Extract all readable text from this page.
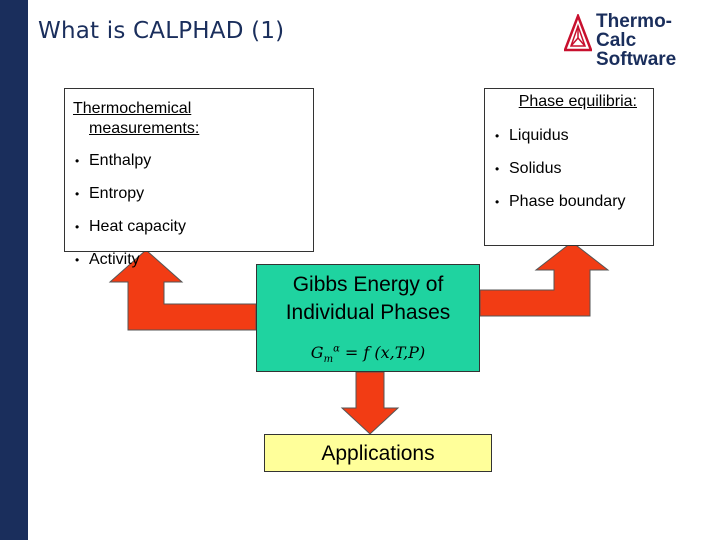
What is CALPHAD (1)	Thermo-Calc
Software
Thermochemical
measurements:
• Enthalpy
• Entropy
• Heat capacity
• Activity
Phase equilibria:
• Liquidus
• Solidus
• Phase boundary
Gibbs Energy of
Individual Phases
$G_m^\alpha = f$ (x,T,P)
Applications
